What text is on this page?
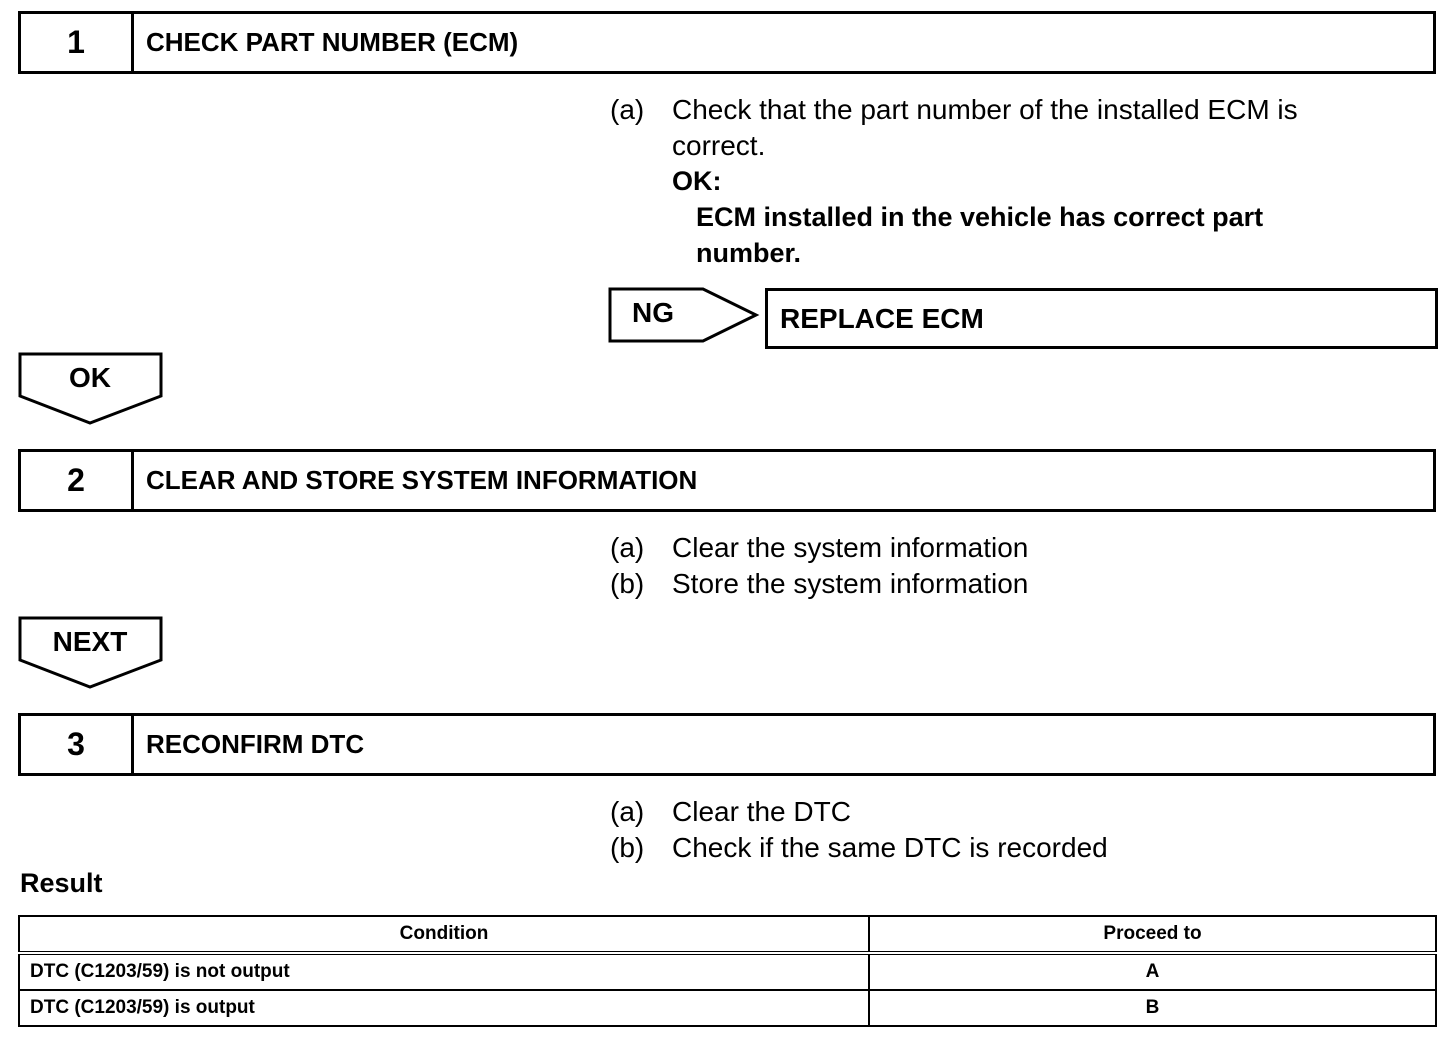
1	CHECK PART NUMBER (ECM)
(a) Check that the part number of the installed ECM is
correct.
OK:
ECM installed in the vehicle has correct part
number.
NG	REPLACE ECM
OK
2	CLEAR AND STORE SYSTEM INFORMATION
(a) Clear the system information
(b) Store the system information
NEXT
3	RECONFIRM DTC
(a) Clear the DTC
(b) Check if the same DTC is recorded
Result
Condition	Proceed to
DTC (C1203/59) is not output	A
DTC (C1203/59) is output	B
